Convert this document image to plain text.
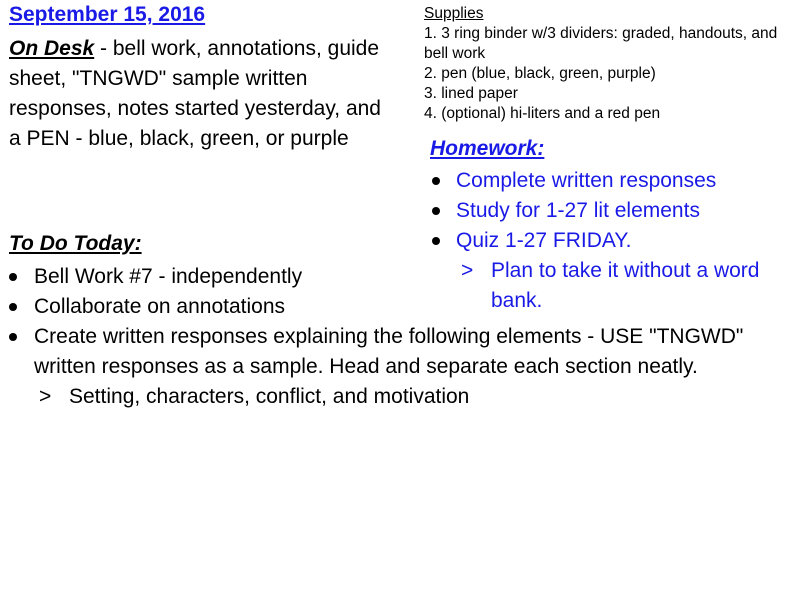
September 15, 2016
On Desk - bell work, annotations, guide sheet, "TNGWD" sample written responses, notes started yesterday, and a PEN - blue, black, green, or purple
Supplies
1. 3 ring binder w/3 dividers: graded, handouts, and bell work
2. pen (blue, black, green, purple)
3. lined paper
4. (optional) hi-liters and a red pen
Homework:
Complete written responses
Study for 1-27 lit elements
Quiz 1-27 FRIDAY.
> Plan to take it without a word bank.
To Do Today:
Bell Work #7 - independently
Collaborate on annotations
Create written responses explaining the following elements - USE "TNGWD" written responses as a sample. Head and separate each section neatly.
> Setting, characters, conflict, and motivation
